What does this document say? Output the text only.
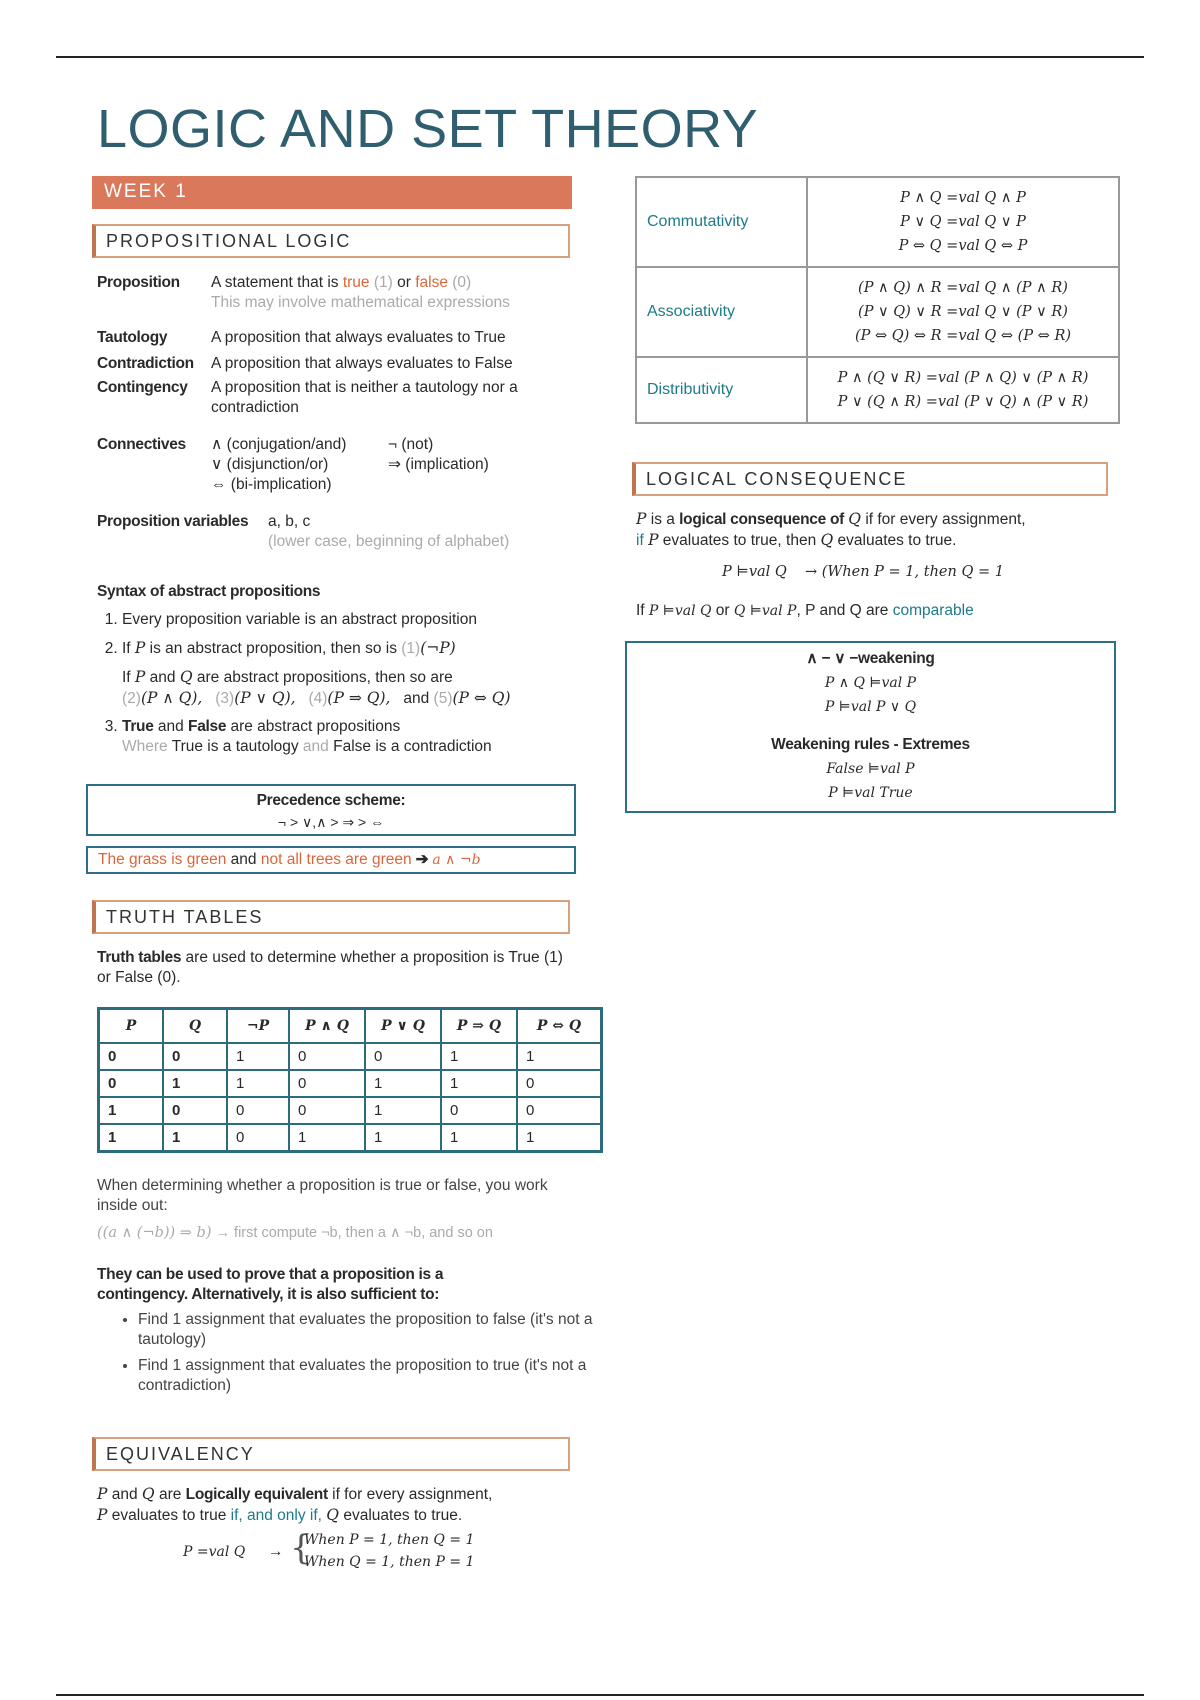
LOGIC AND SET THEORY
WEEK 1
PROPOSITIONAL LOGIC
Proposition A statement that is true (1) or false (0)
This may involve mathematical expressions
Tautology	A proposition that always evaluates to True
Contradiction A proposition that always evaluates to False
Contingency A proposition that is neither a tautology nor a contradiction
Connectives ∧ (conjugation/and)	¬ (not)
∨ (disjunction/or)	⇒ (implication)
⇔ (bi-implication)
Proposition variables a, b, c
(lower case, beginning of alphabet)
Syntax of abstract propositions
1. Every proposition variable is an abstract proposition
2. If P is an abstract proposition, then so is (1)(¬P)
If P and Q are abstract propositions, then so are
(2)(P ∧ Q), (3)(P ∨ Q), (4)(P ⇒ Q), and (5)(P ⇔ Q)
3. True and False are abstract propositions
Where True is a tautology and False is a contradiction
Precedence scheme:
¬ > ∨,∧ > ⇒ > ⇔
The grass is green and not all trees are green ➔ a ∧ ¬b
TRUTH TABLES
Truth tables are used to determine whether a proposition is True (1) or False (0).
P	Q	¬P	P ∧ Q	P ∨ Q	P ⇒ Q	P ⇔ Q
0	0	1	0	0	1	1
0	1	1	0	1	1	0
1	0	0	0	1	0	0
1	1	0	1	1	1	1
When determining whether a proposition is true or false, you work inside out:
((a ∧ (¬b)) ⇒ b) → first compute ¬b, then a ∧ ¬b, and so on
They can be used to prove that a proposition is a contingency. Alternatively, it is also sufficient to:
• Find 1 assignment that evaluates the proposition to false (it's not a tautology)
• Find 1 assignment that evaluates the proposition to true (it's not a contradiction)
EQUIVALENCY
P and Q are Logically equivalent if for every assignment,
P evaluates to true if, and only if, Q evaluates to true.
P =val Q → {
When P = 1, then Q = 1
When Q = 1, then P = 1
Commutativity	P ∧ Q =val Q ∧ P
P ∨ Q =val Q ∨ P
P ⇔ Q =val Q ⇔ P

Associativity	(P ∧ Q) ∧ R =val Q ∧ (P ∧ R)
(P ∨ Q) ∨ R =val Q ∨ (P ∨ R)
(P ⇔ Q) ⇔ R =val Q ⇔ (P ⇔ R)

Distributivity	P ∧ (Q ∨ R) =val (P ∧ Q) ∨ (P ∧ R)
P ∨ (Q ∧ R) =val (P ∨ Q) ∧ (P ∨ R)
LOGICAL CONSEQUENCE
P is a logical consequence of Q if for every assignment,
if P evaluates to true, then Q evaluates to true.
P ⊨val Q → (When P = 1, then Q = 1
If P ⊨val Q or Q ⊨val P, P and Q are comparable
∧ − ∨ −weakening
P ∧ Q ⊨val P
P ⊨val P ∨ Q
Weakening rules - Extremes
False ⊨val P
P ⊨val True
